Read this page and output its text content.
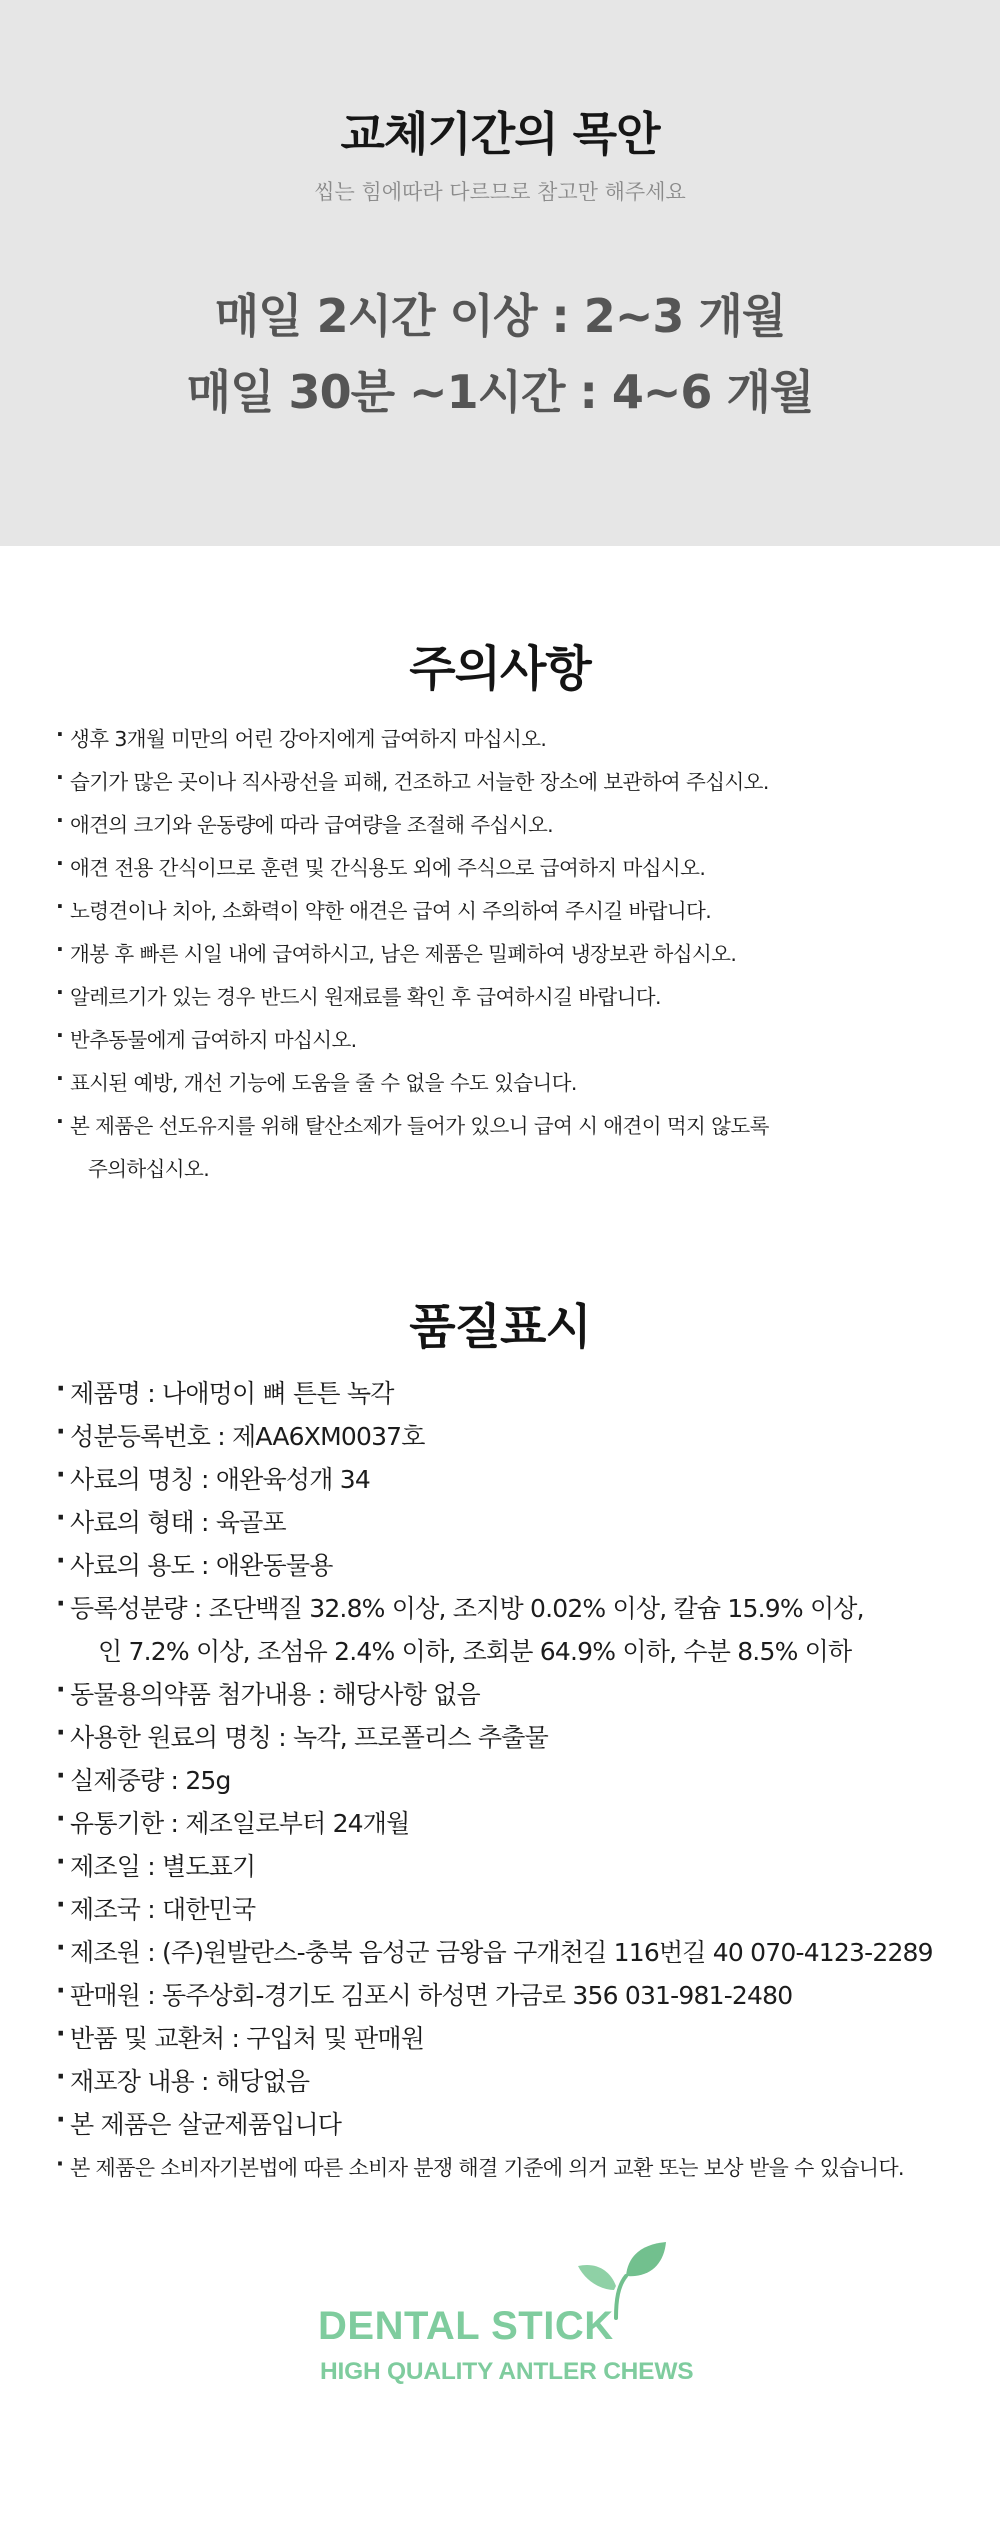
교체기간의 목안
씹는 힘에따라 다르므로 참고만 해주세요
매일 2시간 이상 : 2~3 개월
매일 30분 ~1시간 : 4~6 개월
주의사항
· 생후 3개월 미만의 어린 강아지에게 급여하지 마십시오.
· 습기가 많은 곳이나 직사광선을 피해, 건조하고 서늘한 장소에 보관하여 주십시오.
· 애견의 크기와 운동량에 따라 급여량을 조절해 주십시오.
· 애견 전용 간식이므로 훈련 및 간식용도 외에 주식으로 급여하지 마십시오.
· 노령견이나 치아, 소화력이 약한 애견은 급여 시 주의하여 주시길 바랍니다.
· 개봉 후 빠른 시일 내에 급여하시고, 남은 제품은 밀폐하여 냉장보관 하십시오.
· 알레르기가 있는 경우 반드시 원재료를 확인 후 급여하시길 바랍니다.
· 반추동물에게 급여하지 마십시오.
· 표시된 예방, 개선 기능에 도움을 줄 수 없을 수도 있습니다.
· 본 제품은 선도유지를 위해 탈산소제가 들어가 있으니 급여 시 애견이 먹지 않도록
주의하십시오.
품질표시
· 제품명 : 나애멍이 뼈 튼튼 녹각
· 성분등록번호 : 제AA6XM0037호
· 사료의 명칭 : 애완육성개 34
· 사료의 형태 : 육골포
· 사료의 용도 : 애완동물용
· 등록성분량 : 조단백질 32.8% 이상, 조지방 0.02% 이상, 칼슘 15.9% 이상,
인 7.2% 이상, 조섬유 2.4% 이하, 조회분 64.9% 이하, 수분 8.5% 이하
· 동물용의약품 첨가내용 : 해당사항 없음
· 사용한 원료의 명칭 : 녹각, 프로폴리스 추출물
· 실제중량 : 25g
· 유통기한 : 제조일로부터 24개월
· 제조일 : 별도표기
· 제조국 : 대한민국
· 제조원 : (주)원발란스-충북 음성군 금왕읍 구개천길 116번길 40 070-4123-2289
· 판매원 : 동주상회-경기도 김포시 하성면 가금로 356 031-981-2480
· 반품 및 교환처 : 구입처 및 판매원
· 재포장 내용 : 해당없음
· 본 제품은 살균제품입니다
· 본 제품은 소비자기본법에 따른 소비자 분쟁 해결 기준에 의거 교환 또는 보상 받을 수 있습니다.
DENTAL STICK
HIGH QUALITY ANTLER CHEWS
